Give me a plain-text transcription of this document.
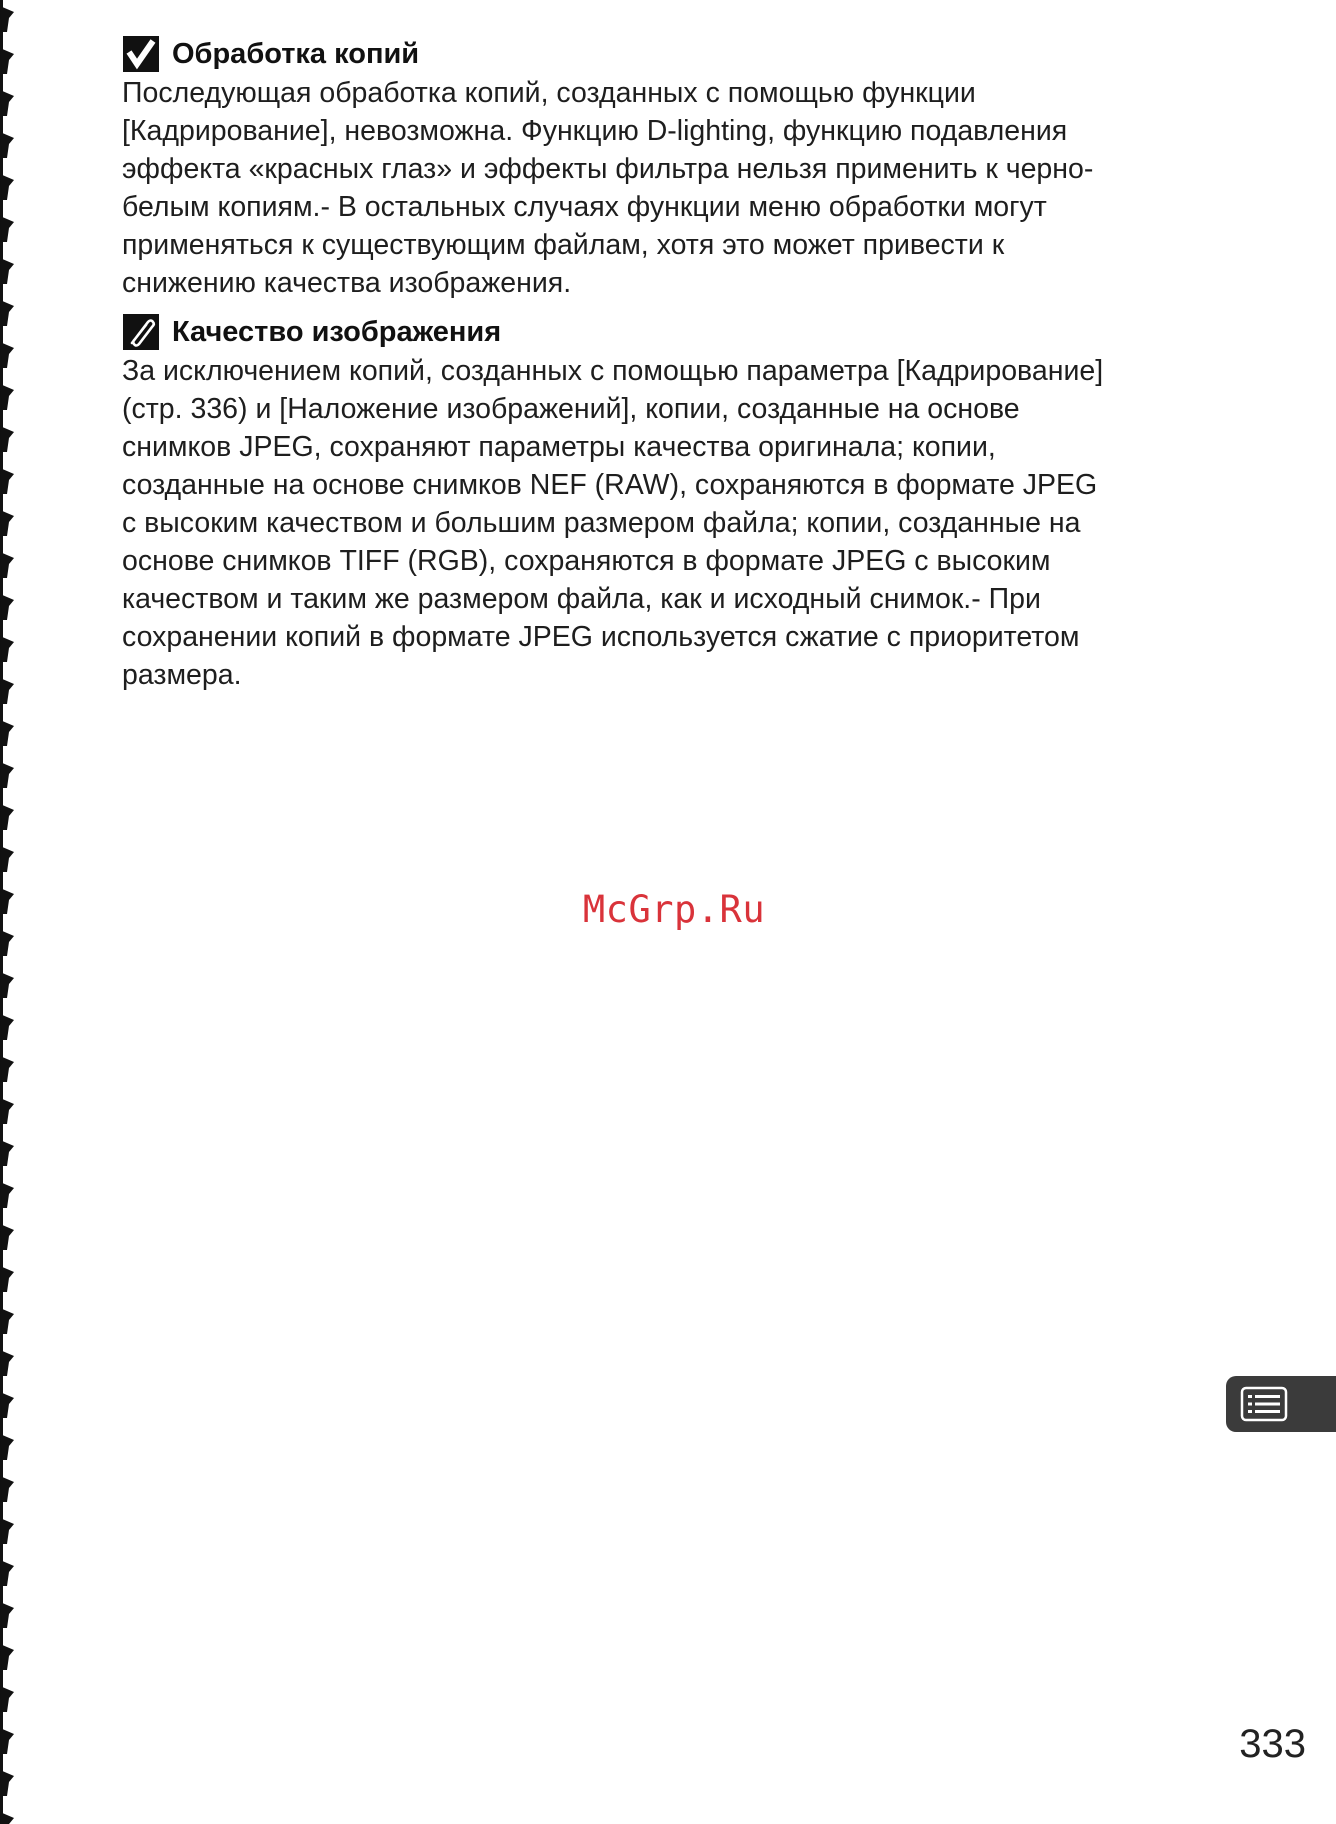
Обработка копий

Последующая обработка копий, созданных с помощью функции
[Кадрирование], невозможна. Функцию D-lighting, функцию подавления
эффекта «красных глаз» и эффекты фильтра нельзя применить к черно-
белым копиям.- В остальных случаях функции меню обработки могут
применяться к существующим файлам, хотя это может привести к
снижению качества изображения.

Качество изображения

За исключением копий, созданных с помощью параметра [Кадрирование]
(стр. 336) и [Наложение изображений], копии, созданные на основе
снимков JPEG, сохраняют параметры качества оригинала; копии,
созданные на основе снимков NEF (RAW), сохраняются в формате JPEG
с высоким качеством и большим размером файла; копии, созданные на
основе снимков TIFF (RGB), сохраняются в формате JPEG с высоким
качеством и таким же размером файла, как и исходный снимок.- При
сохранении копий в формате JPEG используется сжатие с приоритетом
размера.

McGrp.Ru
333
